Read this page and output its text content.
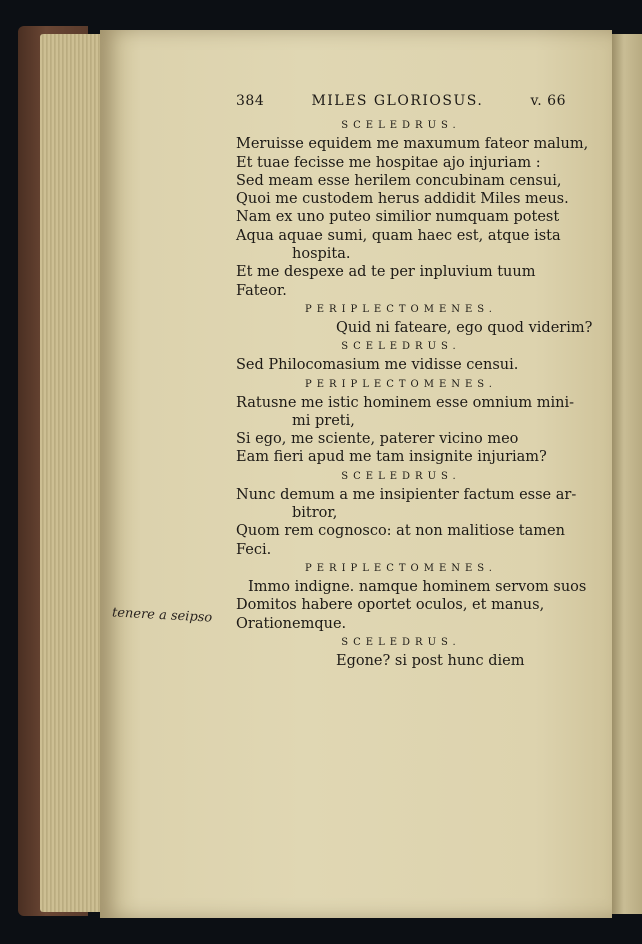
384	MILES GLORIOSUS.	v. 66

SCELEDRUS.

Meruisse equidem me maxumum fateor malum,

Et tuae fecisse me hospitae ajo injuriam :

Sed meam esse herilem concubinam censui,

Quoi me custodem herus addidit Miles meus.

Nam ex uno puteo similior numquam potest

Aqua aquae sumi, quam haec est, atque ista

hospita.

Et me despexe ad te per inpluvium tuum

Fateor.

PERIPLECTOMENES.

Quid ni fateare, ego quod viderim?

SCELEDRUS.

Sed Philocomasium me vidisse censui.

PERIPLECTOMENES.

Ratusne me istic hominem esse omnium mini-

mi preti,

Si ego, me sciente, paterer vicino meo

Eam fieri apud me tam insignite injuriam?

SCELEDRUS.

Nunc demum a me insipienter factum esse ar-

bitror,

Quom rem cognosco: at non malitiose tamen

Feci.

PERIPLECTOMENES.

Immo indigne. namque hominem servom suos

Domitos habere oportet oculos, et manus,

Orationemque.

SCELEDRUS.

Egone? si post hunc diem

tenere a seipso
